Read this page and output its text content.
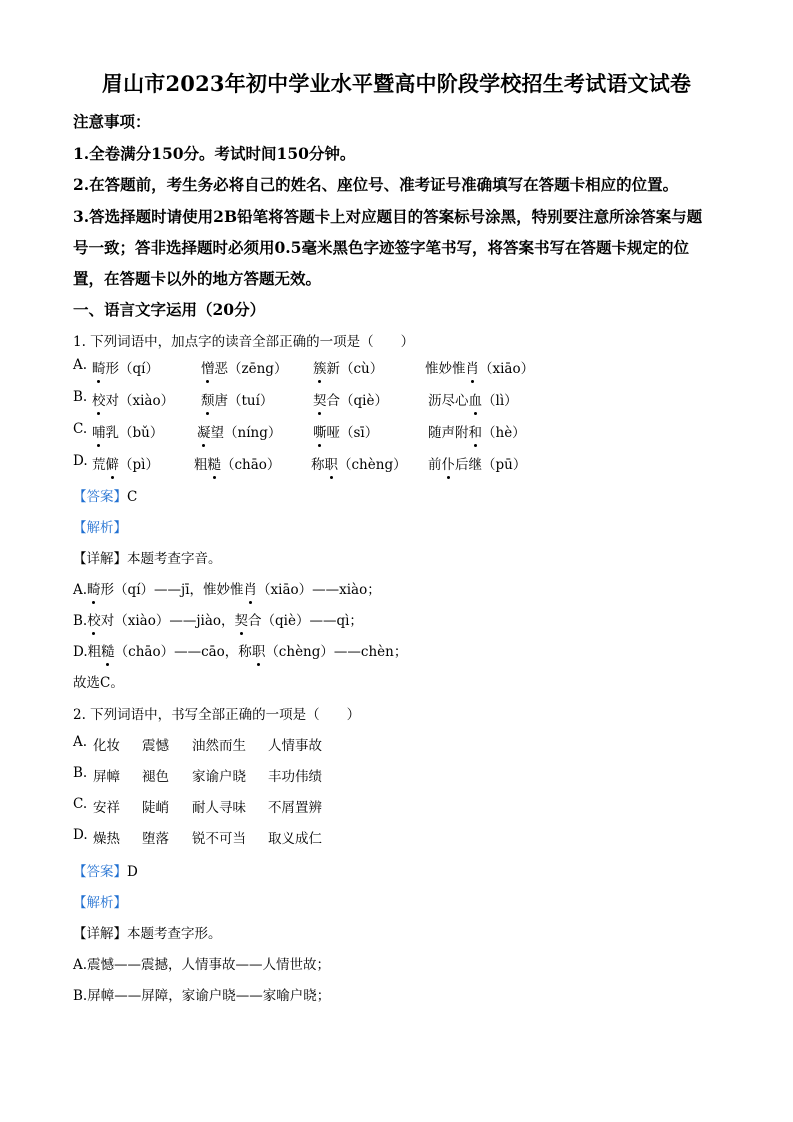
眉山市2023年初中学业水平暨高中阶段学校招生考试语文试卷
注意事项：
1.全卷满分150分。考试时间150分钟。
2.在答题前，考生务必将自己的姓名、座位号、准考证号准确填写在答题卡相应的位置。
3.答选择题时请使用2B铅笔将答题卡上对应题目的答案标号涂黑，特别要注意所涂答案与题
号一致；答非选择题时必须用0.5毫米黑色字迹签字笔书写，将答案书写在答题卡规定的位
置，在答题卡以外的地方答题无效。
一、语言文字运用（20分）
1. 下列词语中，加点字的读音全部正确的一项是（　　）
A. 畸形（qí）	憎恶（zēng） 簇新（cù）	惟妙惟肖（xiāo）
B. 校对（xiào） 颓唐（tuí）	契合（qiè）	沥尽心血（lì）
C. 哺乳（bǔ） 凝望（níng） 嘶哑（sī）	随声附和（hè）
D. 荒僻（pì）	粗糙（chāo） 称职（chèng） 前仆后继（pū）
【答案】C
【解析】
【详解】本题考查字音。
A.畸形（qí）——jī，惟妙惟肖（xiāo）——xiào；
B.校对（xiào）——jiào，契合（qiè）——qì；
D.粗糙（chāo）——cāo，称职（chèng）——chèn；
故选C。
2. 下列词语中，书写全部正确的一项是（　　）
A. 化妆 震憾 油然而生 人情事故
B. 屏幛 褪色 家谕户晓 丰功伟绩
C. 安祥 陡峭 耐人寻味 不屑置辨
D. 燥热 堕落 锐不可当 取义成仁
【答案】D
【解析】
【详解】本题考查字形。
A.震憾——震撼，人情事故——人情世故；
B.屏幛——屏障，家谕户晓——家喻户晓；
